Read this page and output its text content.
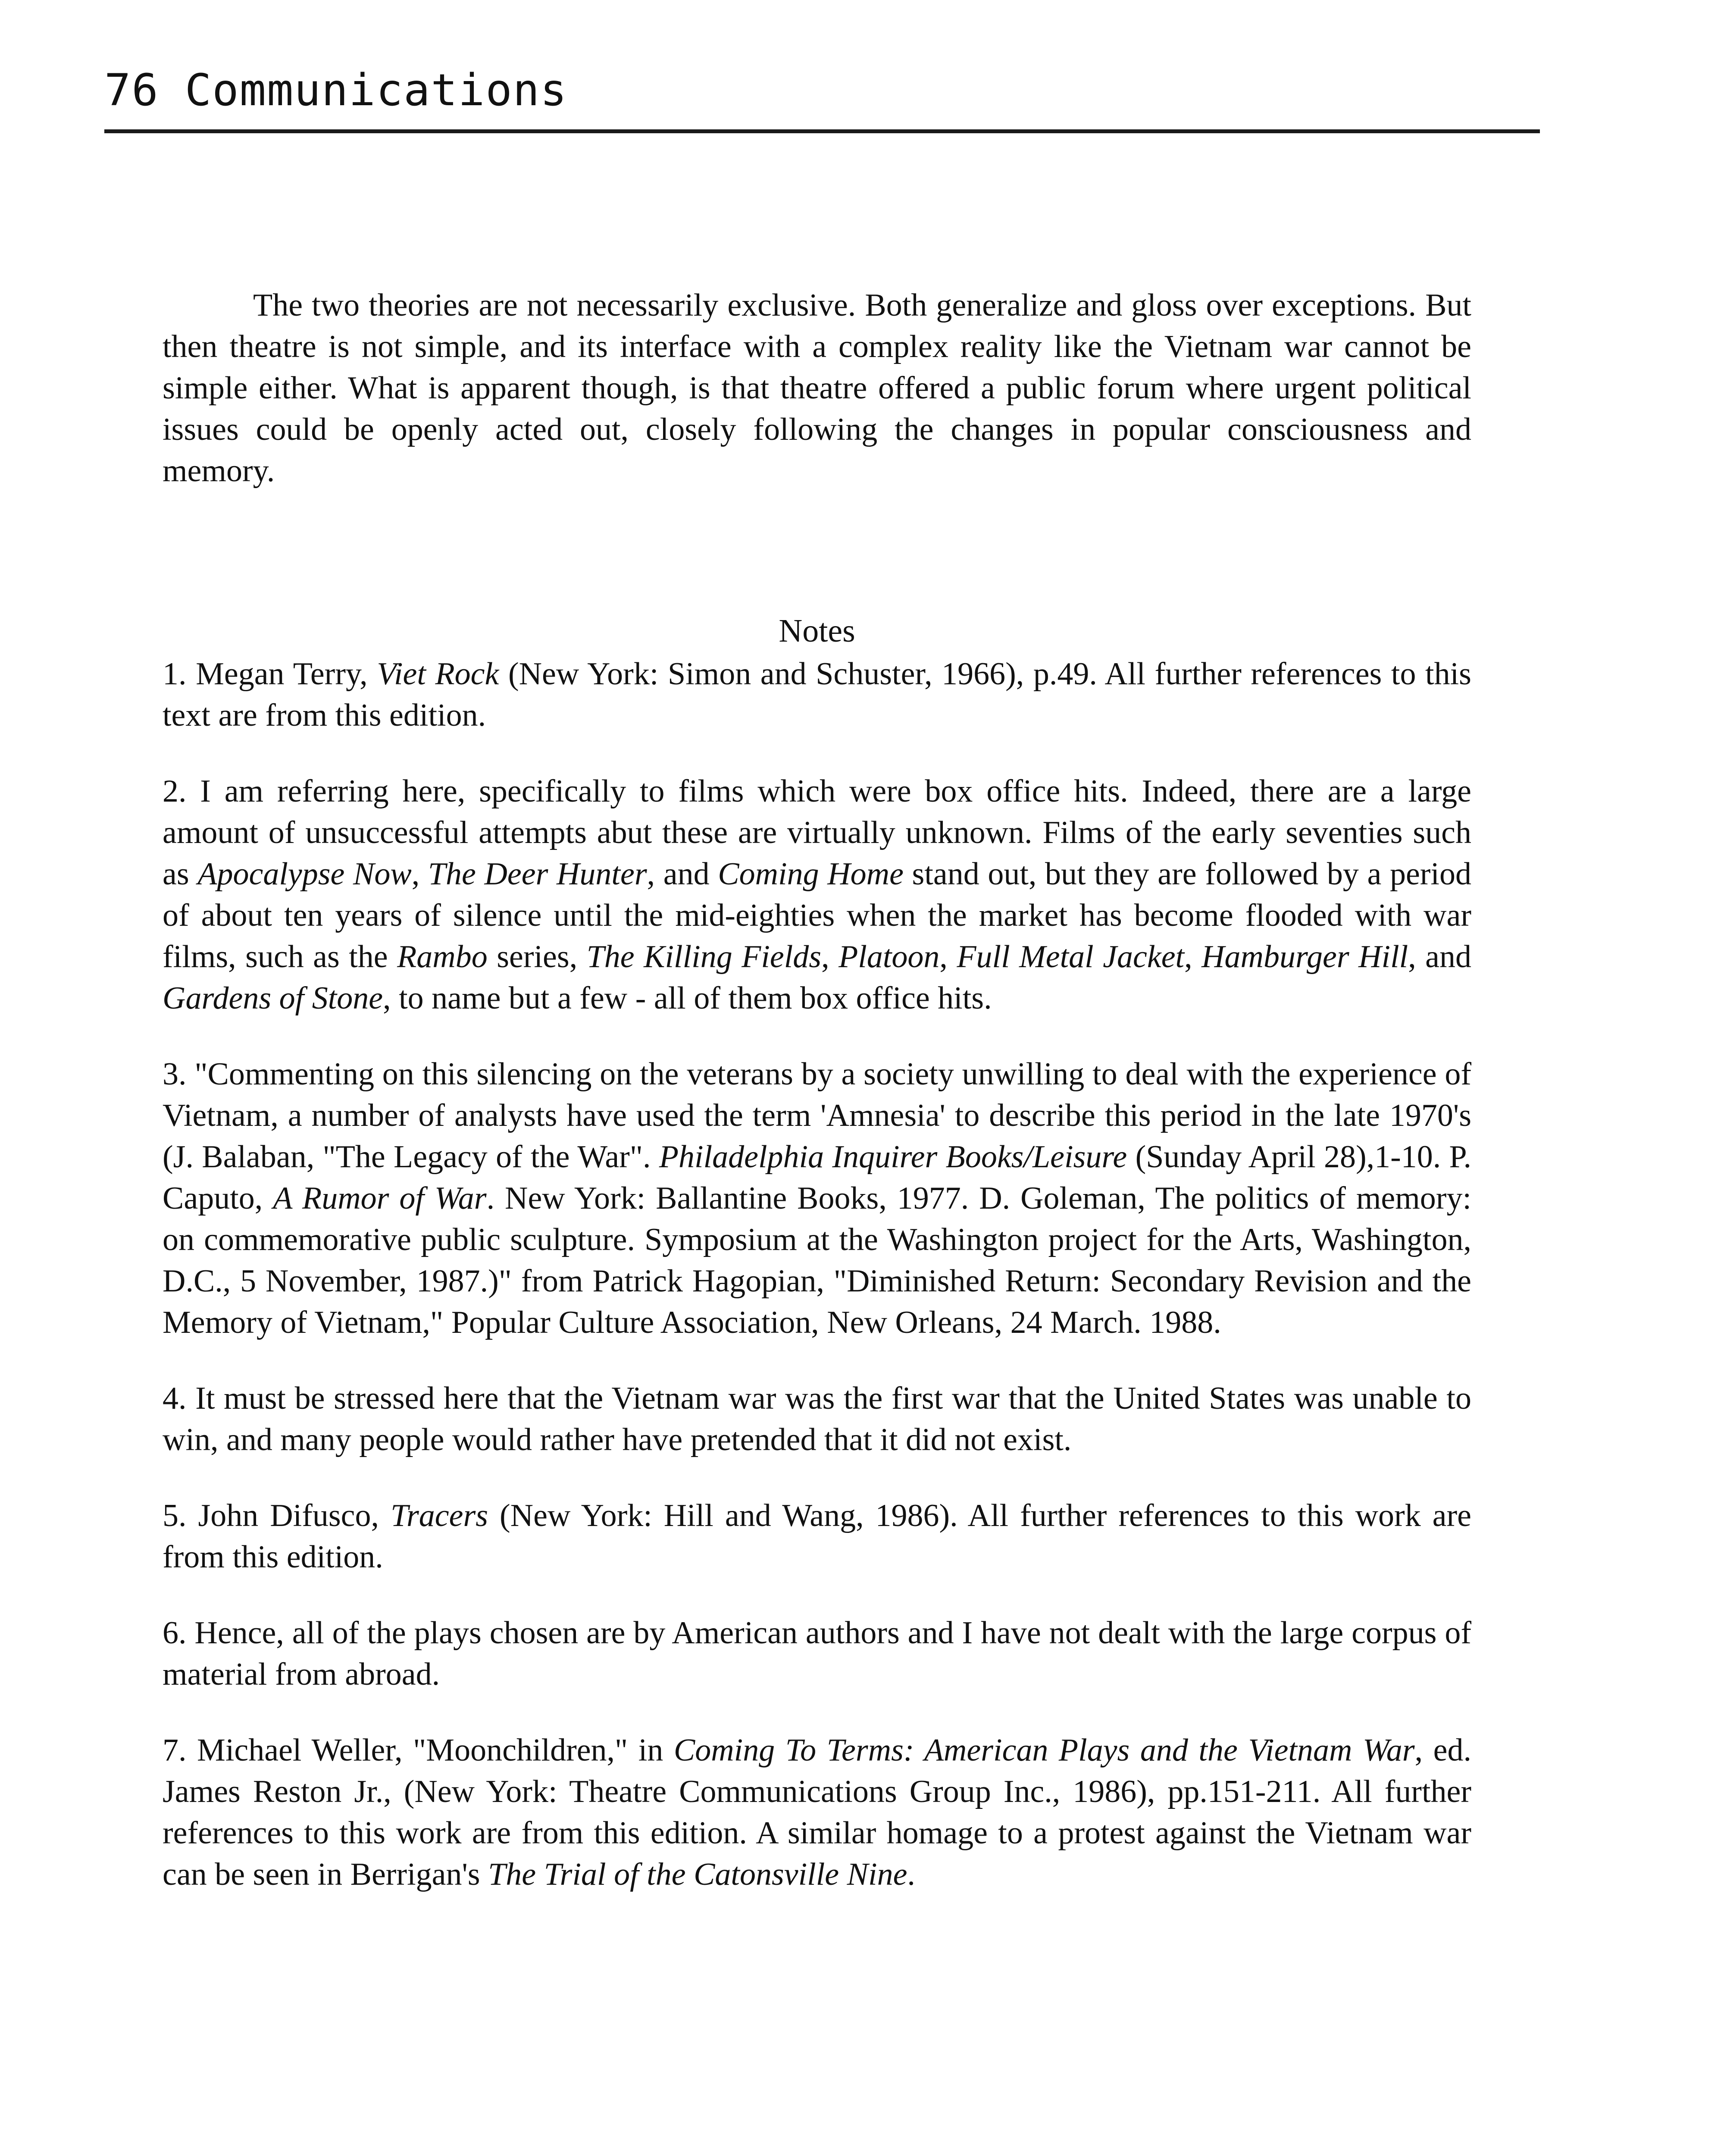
76 Communications

The two theories are not necessarily exclusive. Both generalize and gloss over exceptions. But then theatre is not simple, and its interface with a complex reality like the Vietnam war cannot be simple either. What is apparent though, is that theatre offered a public forum where urgent political issues could be openly acted out, closely following the changes in popular consciousness and memory.

Notes

1. Megan Terry, Viet Rock (New York: Simon and Schuster, 1966), p.49. All further references to this text are from this edition.

2. I am referring here, specifically to films which were box office hits. Indeed, there are a large amount of unsuccessful attempts abut these are virtually unknown. Films of the early seventies such as Apocalypse Now, The Deer Hunter, and Coming Home stand out, but they are followed by a period of about ten years of silence until the mid-eighties when the market has become flooded with war films, such as the Rambo series, The Killing Fields, Platoon, Full Metal Jacket, Hamburger Hill, and Gardens of Stone, to name but a few - all of them box office hits.

3. "Commenting on this silencing on the veterans by a society unwilling to deal with the experience of Vietnam, a number of analysts have used the term 'Amnesia' to describe this period in the late 1970's (J. Balaban, "The Legacy of the War". Philadelphia Inquirer Books/Leisure (Sunday April 28),1-10. P. Caputo, A Rumor of War. New York: Ballantine Books, 1977. D. Goleman, The politics of memory: on commemorative public sculpture. Symposium at the Washington project for the Arts, Washington, D.C., 5 November, 1987.)" from Patrick Hagopian, "Diminished Return: Secondary Revision and the Memory of Vietnam," Popular Culture Association, New Orleans, 24 March. 1988.

4. It must be stressed here that the Vietnam war was the first war that the United States was unable to win, and many people would rather have pretended that it did not exist.

5. John Difusco, Tracers (New York: Hill and Wang, 1986). All further references to this work are from this edition.

6. Hence, all of the plays chosen are by American authors and I have not dealt with the large corpus of material from abroad.

7. Michael Weller, "Moonchildren," in Coming To Terms: American Plays and the Vietnam War, ed. James Reston Jr., (New York: Theatre Communications Group Inc., 1986), pp.151-211. All further references to this work are from this edition. A similar homage to a protest against the Vietnam war can be seen in Berrigan's The Trial of the Catonsville Nine.
